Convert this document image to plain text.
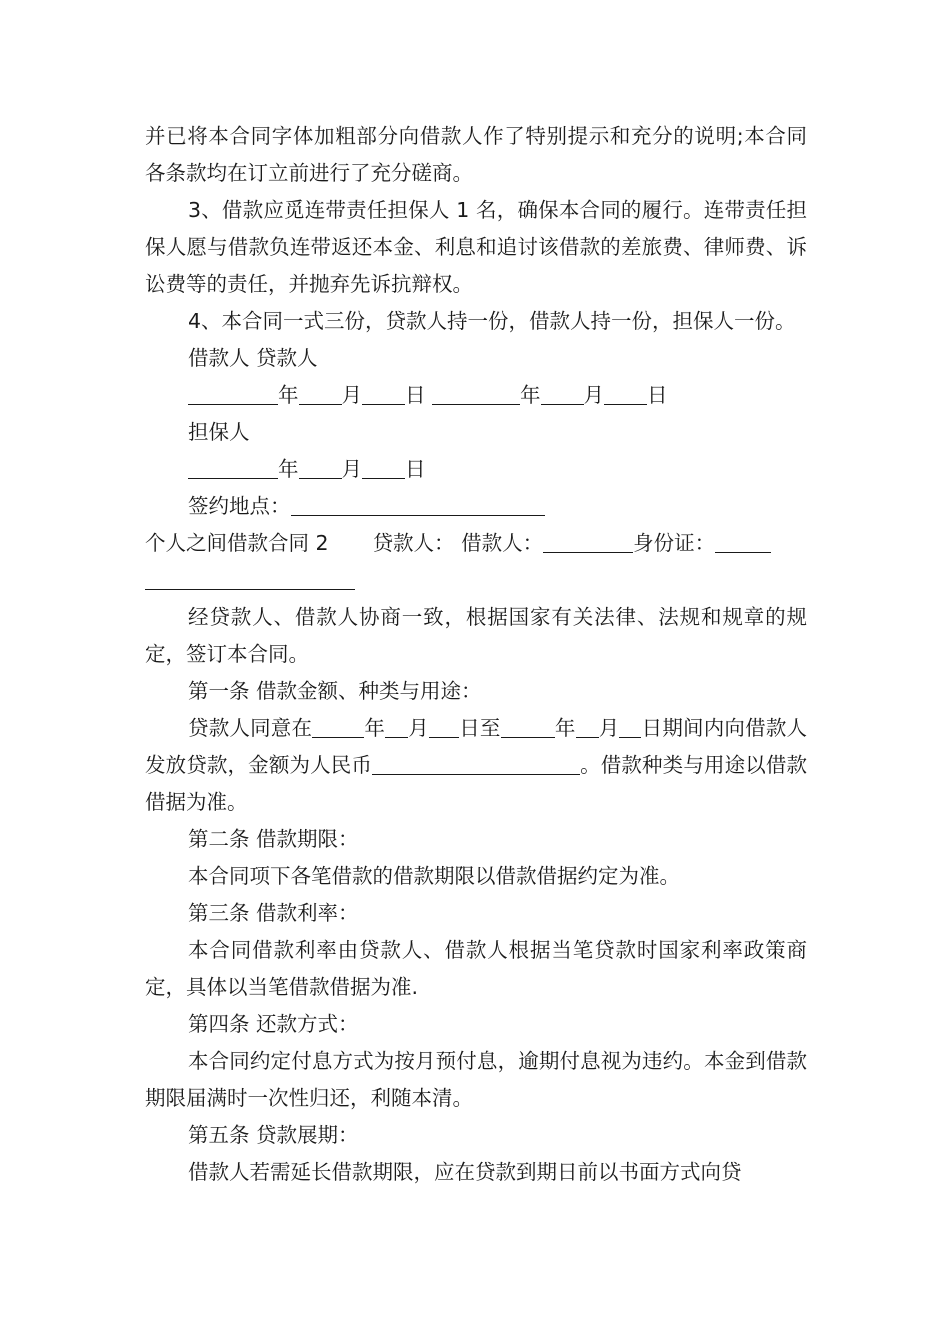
并已将本合同字体加粗部分向借款人作了特别提示和充分的说明;本合同各条款均在订立前进行了充分磋商。

3、借款应觅连带责任担保人 1 名，确保本合同的履行。连带责任担保人愿与借款负连带返还本金、利息和追讨该借款的差旅费、律师费、诉讼费等的责任，并抛弃先诉抗辩权。

4、本合同一式三份，贷款人持一份，借款人持一份，担保人一份。

借款人 贷款人

年 月 日	年 月 日

担保人

年 月 日

签约地点：

个人之间借款合同 2 贷款人： 借款人：	身份证：

经贷款人、借款人协商一致，根据国家有关法律、法规和规章的规定，签订本合同。

第一条 借款金额、种类与用途：

贷款人同意在	年 月 日至	年 月 日期间内向借款人发放贷款，金额为人民币	。借款种类与用途以借款借据为准。

第二条 借款期限：

本合同项下各笔借款的借款期限以借款借据约定为准。

第三条 借款利率：

本合同借款利率由贷款人、借款人根据当笔贷款时国家利率政策商定，具体以当笔借款借据为准.

第四条 还款方式：

本合同约定付息方式为按月预付息，逾期付息视为违约。本金到借款期限届满时一次性归还，利随本清。

第五条 贷款展期：

借款人若需延长借款期限，应在贷款到期日前以书面方式向贷
